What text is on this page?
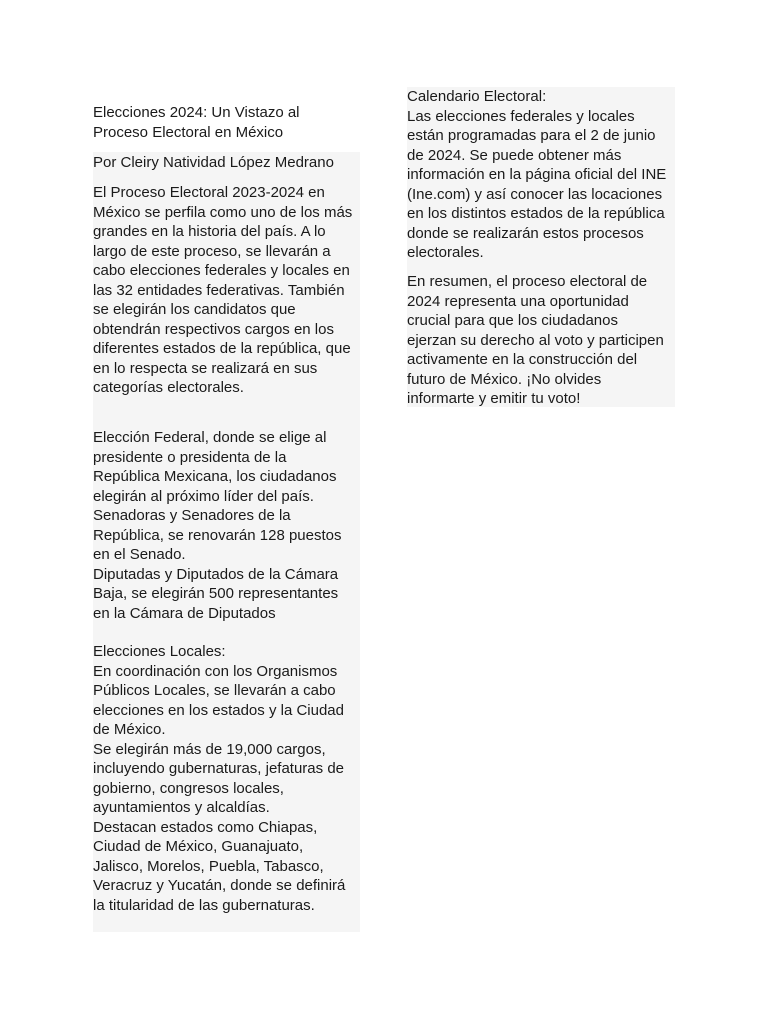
Elecciones 2024: Un Vistazo al
Proceso Electoral en México

Por Cleiry Natividad López Medrano

El Proceso Electoral 2023-2024 en
México se perfila como uno de los más
grandes en la historia del país. A lo
largo de este proceso, se llevarán a
cabo elecciones federales y locales en
las 32 entidades federativas. También
se elegirán los candidatos que
obtendrán respectivos cargos en los
diferentes estados de la república, que
en lo respecta se realizará en sus
categorías electorales.

Elección Federal, donde se elige al
presidente o presidenta de la
República Mexicana, los ciudadanos
elegirán al próximo líder del país.
Senadoras y Senadores de la
República, se renovarán 128 puestos
en el Senado.
Diputadas y Diputados de la Cámara
Baja, se elegirán 500 representantes
en la Cámara de Diputados

Elecciones Locales:
En coordinación con los Organismos
Públicos Locales, se llevarán a cabo
elecciones en los estados y la Ciudad
de México.
Se elegirán más de 19,000 cargos,
incluyendo gubernaturas, jefaturas de
gobierno, congresos locales,
ayuntamientos y alcaldías.
Destacan estados como Chiapas,
Ciudad de México, Guanajuato,
Jalisco, Morelos, Puebla, Tabasco,
Veracruz y Yucatán, donde se definirá
la titularidad de las gubernaturas.

Calendario Electoral:
Las elecciones federales y locales
están programadas para el 2 de junio
de 2024. Se puede obtener más
información en la página oficial del INE
(Ine.com) y así conocer las locaciones
en los distintos estados de la república
donde se realizarán estos procesos
electorales.

En resumen, el proceso electoral de
2024 representa una oportunidad
crucial para que los ciudadanos
ejerzan su derecho al voto y participen
activamente en la construcción del
futuro de México. ¡No olvides
informarte y emitir tu voto!
